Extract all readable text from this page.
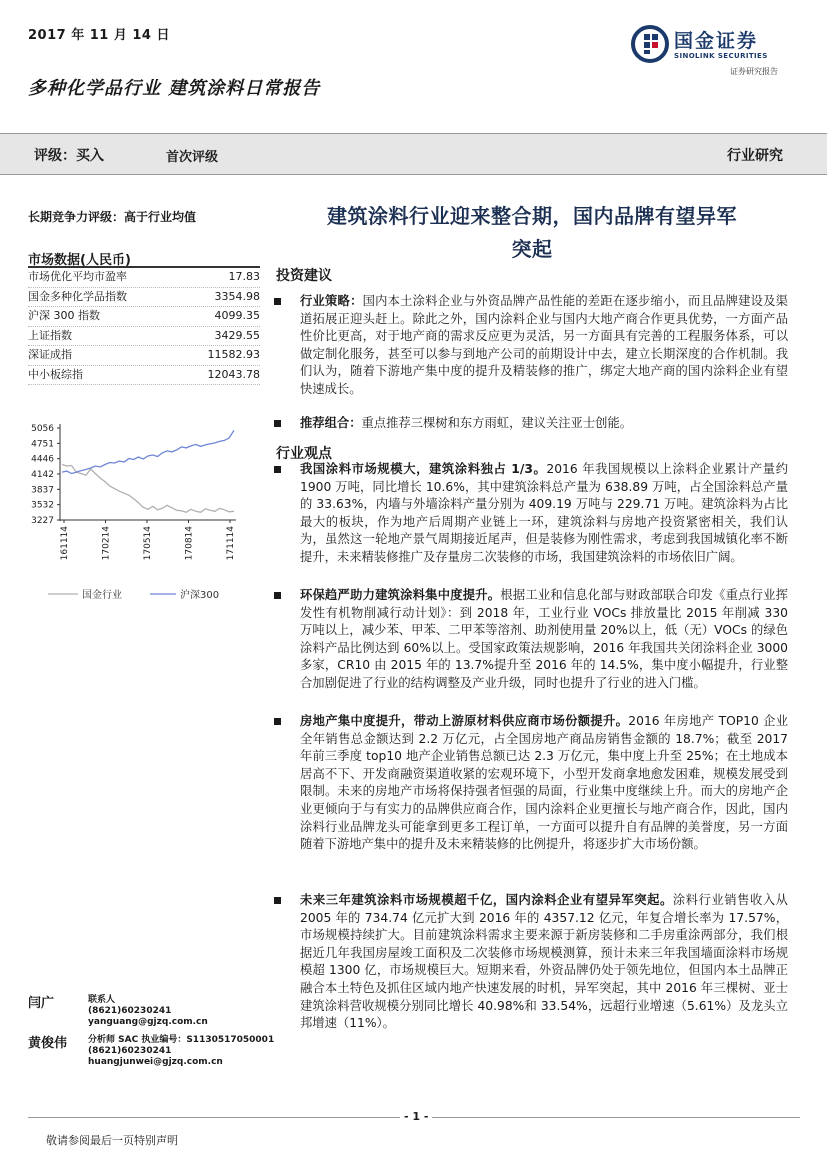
2017 年 11 月 14 日
多种化学品行业 建筑涂料日常报告
国金证券
SINOLINK SECURITIES
证券研究报告
评级：买入	首次评级	行业研究
长期竞争力评级：高于行业均值
市场数据(人民币)
市场优化平均市盈率	17.83
国金多种化学品指数	3354.98
沪深 300 指数	4099.35
上证指数	3429.55
深证成指	11582.93
中小板综指	12043.78
5056
4751
4446
4142
3837
3532
3227
161114	170214	170514	170814	171114
国金行业	沪深300
建筑涂料行业迎来整合期，国内品牌有望异军
突起
投资建议
行业策略：国内本土涂料企业与外资品牌产品性能的差距在逐步缩小，而且品牌建设及渠道拓展正迎头赶上。除此之外，国内涂料企业与国内大地产商合作更具优势，一方面产品性价比更高，对于地产商的需求反应更为灵活，另一方面具有完善的工程服务体系，可以做定制化服务，甚至可以参与到地产公司的前期设计中去，建立长期深度的合作机制。我们认为，随着下游地产集中度的提升及精装修的推广，绑定大地产商的国内涂料企业有望快速成长。
推荐组合：重点推荐三棵树和东方雨虹，建议关注亚士创能。
行业观点
我国涂料市场规模大，建筑涂料独占 1/3。2016 年我国规模以上涂料企业累计产量约 1900 万吨，同比增长 10.6%，其中建筑涂料总产量为 638.89 万吨，占全国涂料总产量的 33.63%，内墙与外墙涂料产量分别为 409.19 万吨与 229.71 万吨。建筑涂料为占比最大的板块，作为地产后周期产业链上一环，建筑涂料与房地产投资紧密相关，我们认为，虽然这一轮地产景气周期接近尾声，但是装修为刚性需求，考虑到我国城镇化率不断提升，未来精装修推广及存量房二次装修的市场，我国建筑涂料的市场依旧广阔。
环保趋严助力建筑涂料集中度提升。根据工业和信息化部与财政部联合印发《重点行业挥发性有机物削减行动计划》：到 2018 年，工业行业 VOCs 排放量比 2015 年削减 330 万吨以上，减少苯、甲苯、二甲苯等溶剂、助剂使用量 20%以上，低（无）VOCs 的绿色涂料产品比例达到 60%以上。受国家政策法规影响，2016 年我国共关闭涂料企业 3000 多家，CR10 由 2015 年的 13.7%提升至 2016 年的 14.5%，集中度小幅提升，行业整合加剧促进了行业的结构调整及产业升级，同时也提升了行业的进入门槛。
房地产集中度提升，带动上游原材料供应商市场份额提升。2016 年房地产 TOP10 企业全年销售总金额达到 2.2 万亿元，占全国房地产商品房销售金额的 18.7%；截至 2017 年前三季度 top10 地产企业销售总额已达 2.3 万亿元，集中度上升至 25%；在土地成本居高不下、开发商融资渠道收紧的宏观环境下，小型开发商拿地愈发困难，规模发展受到限制。未来的房地产市场将保持强者恒强的局面，行业集中度继续上升。而大的房地产企业更倾向于与有实力的品牌供应商合作，国内涂料企业更擅长与地产商合作，因此，国内涂料行业品牌龙头可能拿到更多工程订单，一方面可以提升自有品牌的美誉度，另一方面随着下游地产集中的提升及未来精装修的比例提升，将逐步扩大市场份额。
未来三年建筑涂料市场规模超千亿，国内涂料企业有望异军突起。涂料行业销售收入从 2005 年的 734.74 亿元扩大到 2016 年的 4357.12 亿元，年复合增长率为 17.57%，市场规模持续扩大。目前建筑涂料需求主要来源于新房装修和二手房重涂两部分，我们根据近几年我国房屋竣工面积及二次装修市场规模测算，预计未来三年我国墙面涂料市场规模超 1300 亿，市场规模巨大。短期来看，外资品牌仍处于领先地位，但国内本土品牌正融合本土特色及抓住区域内地产快速发展的时机，异军突起，其中 2016 年三棵树、亚士建筑涂料营收规模分别同比增长 40.98%和 33.54%，远超行业增速（5.61%）及龙头立邦增速（11%）。
闫广	联系人
(8621)60230241
yanguang@gjzq.com.cn
黄俊伟 分析师 SAC 执业编号：S1130517050001
(8621)60230241
huangjunwei@gjzq.com.cn
- 1 -
敬请参阅最后一页特别声明
